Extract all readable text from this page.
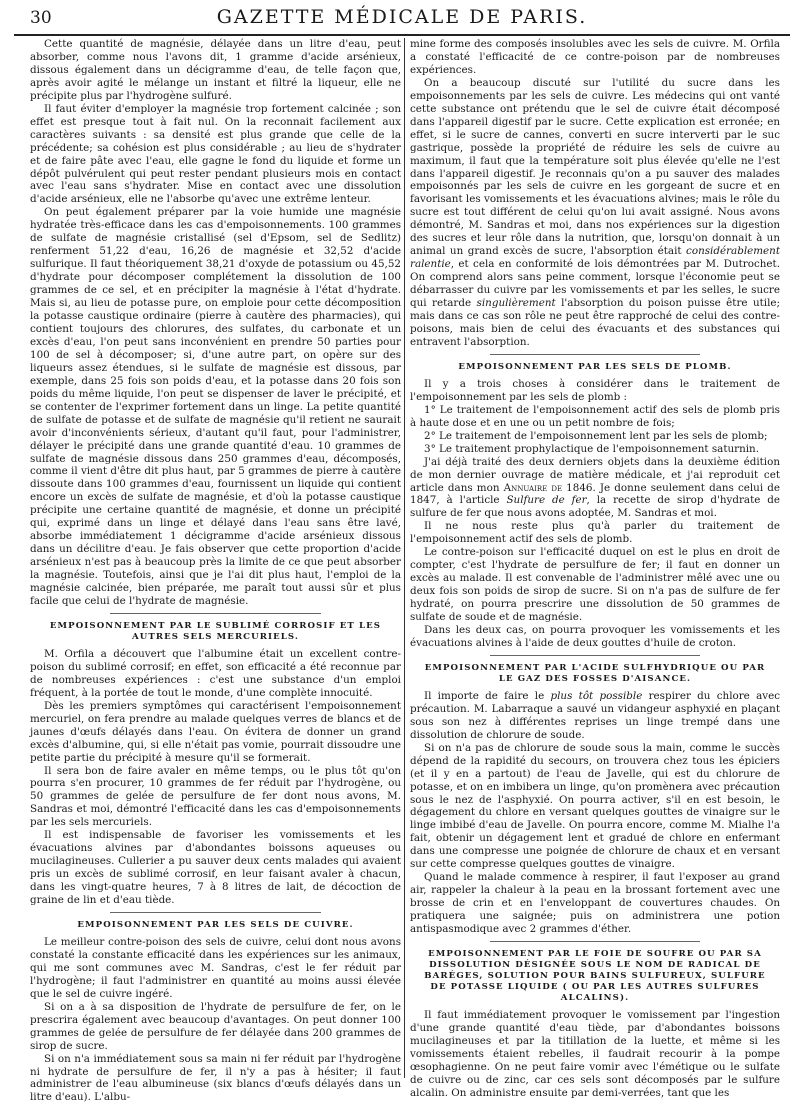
30	GAZETTE MÉDICALE DE PARIS.

Cette quantité de magnésie, délayée dans un litre d'eau, peut absorber, comme nous l'avons dit, 1 gramme d'acide arsénieux, dissous également dans un décigramme d'eau, de telle façon que, après avoir agité le mélange un instant et filtré la liqueur, elle ne précipite plus par l'hydrogène sulfuré.

Il faut éviter d'employer la magnésie trop fortement calcinée ; son effet est presque tout à fait nul. On la reconnait facilement aux caractères suivants : sa densité est plus grande que celle de la précédente; sa cohésion est plus considérable ; au lieu de s'hydrater et de faire pâte avec l'eau, elle gagne le fond du liquide et forme un dépôt pulvérulent qui peut rester pendant plusieurs mois en contact avec l'eau sans s'hydrater. Mise en contact avec une dissolution d'acide arsénieux, elle ne l'absorbe qu'avec une extrême lenteur.

On peut également préparer par la voie humide une magnésie hydratée très-efficace dans les cas d'empoisonnements. 100 grammes de sulfate de magnésie cristallisé (sel d'Epsom, sel de Sedlitz) renferment 51,22 d'eau, 16,26 de magnésie et 32,52 d'acide sulfurique. Il faut théoriquement 38,21 d'oxyde de potassium ou 45,52 d'hydrate pour décomposer complétement la dissolution de 100 grammes de ce sel, et en précipiter la magnésie à l'état d'hydrate. Mais si, au lieu de potasse pure, on emploie pour cette décomposition la potasse caustique ordinaire (pierre à cautère des pharmacies), qui contient toujours des chlorures, des sulfates, du carbonate et un excès d'eau, l'on peut sans inconvénient en prendre 50 parties pour 100 de sel à décomposer; si, d'une autre part, on opère sur des liqueurs assez étendues, si le sulfate de magnésie est dissous, par exemple, dans 25 fois son poids d'eau, et la potasse dans 20 fois son poids du même liquide, l'on peut se dispenser de laver le précipité, et se contenter de l'exprimer fortement dans un linge. La petite quantité de sulfate de potasse et de sulfate de magnésie qu'il retient ne saurait avoir d'inconvénients sérieux, d'autant qu'il faut, pour l'administrer, délayer le précipité dans une grande quantité d'eau. 10 grammes de sulfate de magnésie dissous dans 250 grammes d'eau, décomposés, comme il vient d'être dit plus haut, par 5 grammes de pierre à cautère dissoute dans 100 grammes d'eau, fournissent un liquide qui contient encore un excès de sulfate de magnésie, et d'où la potasse caustique précipite une certaine quantité de magnésie, et donne un précipité qui, exprimé dans un linge et délayé dans l'eau sans être lavé, absorbe immédiatement 1 décigramme d'acide arsénieux dissous dans un décilitre d'eau. Je fais observer que cette proportion d'acide arsénieux n'est pas à beaucoup près la limite de ce que peut absorber la magnésie. Toutefois, ainsi que je l'ai dit plus haut, l'emploi de la magnésie calcinée, bien préparée, me paraît tout aussi sûr et plus facile que celui de l'hydrate de magnésie.

EMPOISONNEMENT PAR LE SUBLIMÉ CORROSIF ET LES AUTRES SELS MERCURIELS.

M. Orfila a découvert que l'albumine était un excellent contre-poison du sublimé corrosif; en effet, son efficacité a été reconnue par de nombreuses expériences : c'est une substance d'un emploi fréquent, à la portée de tout le monde, d'une complète innocuité.

Dès les premiers symptômes qui caractérisent l'empoisonnement mercuriel, on fera prendre au malade quelques verres de blancs et de jaunes d'œufs délayés dans l'eau. On évitera de donner un grand excès d'albumine, qui, si elle n'était pas vomie, pourrait dissoudre une petite partie du précipité à mesure qu'il se formerait.

Il sera bon de faire avaler en même temps, ou le plus tôt qu'on pourra s'en procurer, 10 grammes de fer réduit par l'hydrogène, ou 50 grammes de gelée de persulfure de fer dont nous avons, M. Sandras et moi, démontré l'efficacité dans les cas d'empoisonnements par les sels mercuriels.

Il est indispensable de favoriser les vomissements et les évacuations alvines par d'abondantes boissons aqueuses ou mucilagineuses. Cullerier a pu sauver deux cents malades qui avaient pris un excès de sublimé corrosif, en leur faisant avaler à chacun, dans les vingt-quatre heures, 7 à 8 litres de lait, de décoction de graine de lin et d'eau tiède.

EMPOISONNEMENT PAR LES SELS DE CUIVRE.

Le meilleur contre-poison des sels de cuivre, celui dont nous avons constaté la constante efficacité dans les expériences sur les animaux, qui me sont communes avec M. Sandras, c'est le fer réduit par l'hydrogène; il faut l'administrer en quantité au moins aussi élevée que le sel de cuivre ingéré.

Si on a à sa disposition de l'hydrate de persulfure de fer, on le prescrira également avec beaucoup d'avantages. On peut donner 100 grammes de gelée de persulfure de fer délayée dans 200 grammes de sirop de sucre.

Si on n'a immédiatement sous sa main ni fer réduit par l'hydrogène ni hydrate de persulfure de fer, il n'y a pas à hésiter; il faut administrer de l'eau albumineuse (six blancs d'œufs délayés dans un litre d'eau). L'albu-

mine forme des composés insolubles avec les sels de cuivre. M. Orfila a constaté l'efficacité de ce contre-poison par de nombreuses expériences.

On a beaucoup discuté sur l'utilité du sucre dans les empoisonnements par les sels de cuivre. Les médecins qui ont vanté cette substance ont prétendu que le sel de cuivre était décomposé dans l'appareil digestif par le sucre. Cette explication est erronée; en effet, si le sucre de cannes, converti en sucre interverti par le suc gastrique, possède la propriété de réduire les sels de cuivre au maximum, il faut que la température soit plus élevée qu'elle ne l'est dans l'appareil digestif. Je reconnais qu'on a pu sauver des malades empoisonnés par les sels de cuivre en les gorgeant de sucre et en favorisant les vomissements et les évacuations alvines; mais le rôle du sucre est tout différent de celui qu'on lui avait assigné. Nous avons démontré, M. Sandras et moi, dans nos expériences sur la digestion des sucres et leur rôle dans la nutrition, que, lorsqu'on donnait à un animal un grand excès de sucre, l'absorption était considérablement ralentie, et cela en conformité de lois démontrées par M. Dutrochet. On comprend alors sans peine comment, lorsque l'économie peut se débarrasser du cuivre par les vomissements et par les selles, le sucre qui retarde singulièrement l'absorption du poison puisse être utile; mais dans ce cas son rôle ne peut être rapproché de celui des contre-poisons, mais bien de celui des évacuants et des substances qui entravent l'absorption.

EMPOISONNEMENT PAR LES SELS DE PLOMB.

Il y a trois choses à considérer dans le traitement de l'empoisonnement par les sels de plomb :

1° Le traitement de l'empoisonnement actif des sels de plomb pris à haute dose et en une ou un petit nombre de fois;

2° Le traitement de l'empoisonnement lent par les sels de plomb;

3° Le traitement prophylactique de l'empoisonnement saturnin.

J'ai déjà traité des deux derniers objets dans la deuxième édition de mon dernier ouvrage de matière médicale, et j'ai reproduit cet article dans mon Annuaire de 1846. Je donne seulement dans celui de 1847, à l'article Sulfure de fer, la recette de sirop d'hydrate de sulfure de fer que nous avons adoptée, M. Sandras et moi.

Il ne nous reste plus qu'à parler du traitement de l'empoisonnement actif des sels de plomb.

Le contre-poison sur l'efficacité duquel on est le plus en droit de compter, c'est l'hydrate de persulfure de fer; il faut en donner un excès au malade. Il est convenable de l'administrer mêlé avec une ou deux fois son poids de sirop de sucre. Si on n'a pas de sulfure de fer hydraté, on pourra prescrire une dissolution de 50 grammes de sulfate de soude et de magnésie.

Dans les deux cas, on pourra provoquer les vomissements et les évacuations alvines à l'aide de deux gouttes d'huile de croton.

EMPOISONNEMENT PAR L'ACIDE SULFHYDRIQUE OU PAR LE GAZ DES FOSSES D'AISANCE.

Il importe de faire le plus tôt possible respirer du chlore avec précaution. M. Labarraque a sauvé un vidangeur asphyxié en plaçant sous son nez à différentes reprises un linge trempé dans une dissolution de chlorure de soude.

Si on n'a pas de chlorure de soude sous la main, comme le succès dépend de la rapidité du secours, on trouvera chez tous les épiciers (et il y en a partout) de l'eau de Javelle, qui est du chlorure de potasse, et on en imbibera un linge, qu'on promènera avec précaution sous le nez de l'asphyxié. On pourra activer, s'il en est besoin, le dégagement du chlore en versant quelques gouttes de vinaigre sur le linge imbibé d'eau de Javelle. On pourra encore, comme M. Mialhe l'a fait, obtenir un dégagement lent et gradué de chlore en enfermant dans une compresse une poignée de chlorure de chaux et en versant sur cette compresse quelques gouttes de vinaigre.

Quand le malade commence à respirer, il faut l'exposer au grand air, rappeler la chaleur à la peau en la brossant fortement avec une brosse de crin et en l'enveloppant de couvertures chaudes. On pratiquera une saignée; puis on administrera une potion antispasmodique avec 2 grammes d'éther.

EMPOISONNEMENT PAR LE FOIE DE SOUFRE OU PAR SA DISSOLUTION DÉSIGNÉE SOUS LE NOM DE RADICAL DE BARÉGES, SOLUTION POUR BAINS SULFUREUX, SULFURE DE POTASSE LIQUIDE ( OU PAR LES AUTRES SULFURES ALCALINS).

Il faut immédiatement provoquer le vomissement par l'ingestion d'une grande quantité d'eau tiède, par d'abondantes boissons mucilagineuses et par la titillation de la luette, et même si les vomissements étaient rebelles, il faudrait recourir à la pompe œsophagienne. On ne peut faire vomir avec l'émétique ou le sulfate de cuivre ou de zinc, car ces sels sont décomposés par le sulfure alcalin. On administre ensuite par demi-verrées, tant que les
